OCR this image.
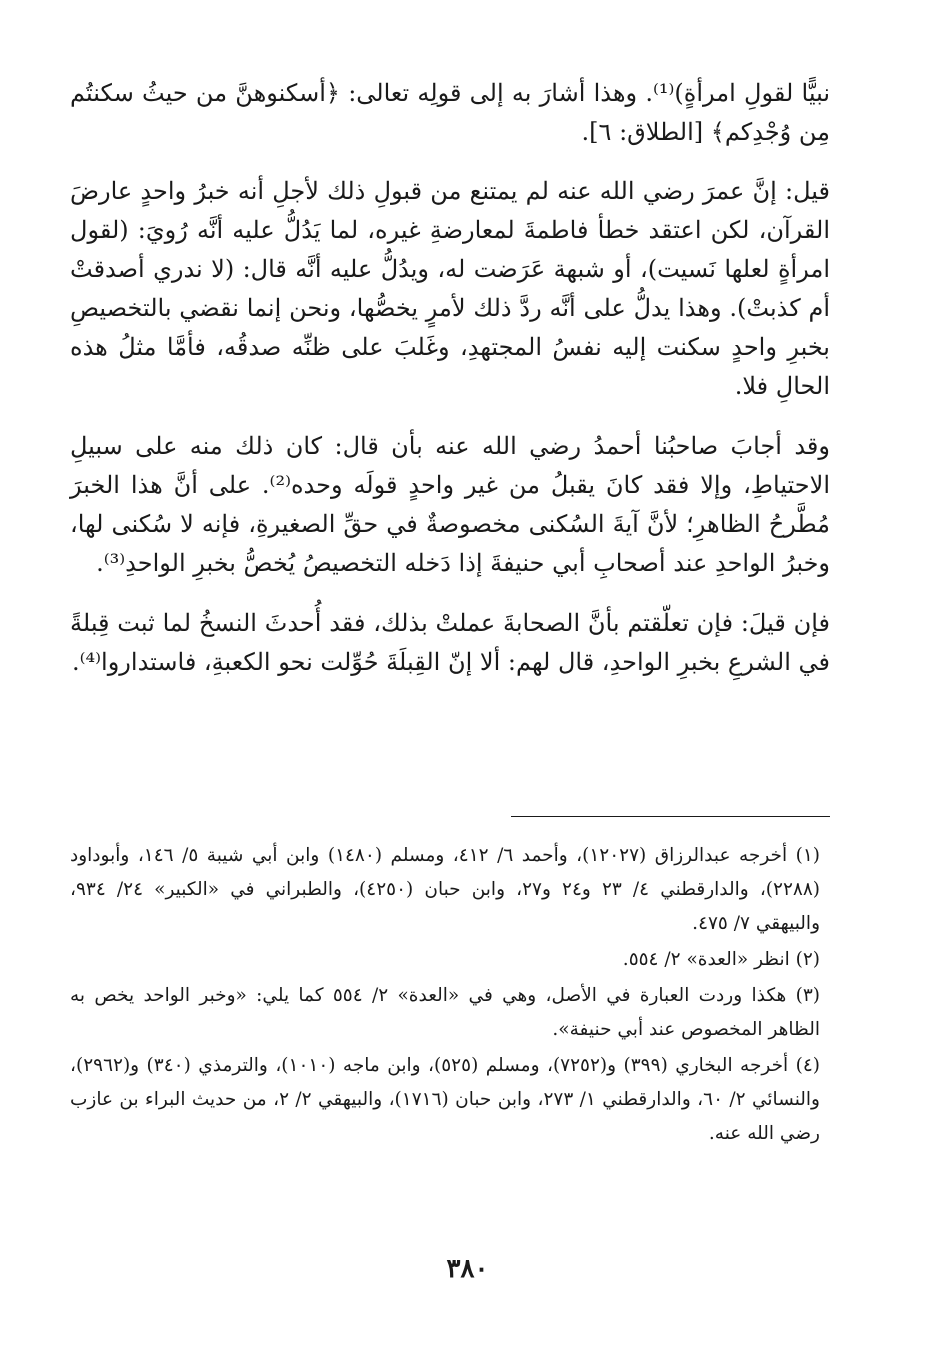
نبيًّا لقولِ امرأةٍ)⁽¹⁾. وهذا أشارَ به إلى قولِه تعالى: ﴿أسكنوهنَّ من حيثُ سكنتُم مِن وُجْدِكم﴾ [الطلاق: ٦].

قيل: إنَّ عمرَ رضي الله عنه لم يمتنع من قبولِ ذلك لأجلِ أنه خبرُ واحدٍ عارضَ القرآن، لكن اعتقد خطأ فاطمةَ لمعارضةِ غيره، لما يَدُلُّ عليه أنَّه رُويَ: (لقول امرأةٍ لعلها نَسيت)، أو شبهة عَرَضت له، ويدُلُّ عليه أنَّه قال: (لا ندري أصدقتْ أم كذبتْ). وهذا يدلُّ على أنَّه ردَّ ذلك لأمرٍ يخصُّها، ونحن إنما نقضي بالتخصيصِ بخبرِ واحدٍ سكنت إليه نفسُ المجتهدِ، وغَلبَ على ظنِّه صدقُه، فأمَّا مثلُ هذه الحالِ فلا.

وقد أجابَ صاحبُنا أحمدُ رضي الله عنه بأن قال: كان ذلك منه على سبيلِ الاحتياطِ، وإلا فقد كانَ يقبلُ من غير واحدٍ قولَه وحده⁽²⁾. على أنَّ هذا الخبرَ مُطَّرحُ الظاهرِ؛ لأنَّ آيةَ السُكنى مخصوصةٌ في حقِّ الصغيرةِ، فإنه لا سُكنى لها، وخبرُ الواحدِ عند أصحابِ أبي حنيفةَ إذا دَخله التخصيصُ يُخصُّ بخبرِ الواحدِ⁽³⁾.

فإن قيلَ: فإن تعلّقتم بأنَّ الصحابةَ عملتْ بذلك، فقد أُحدثَ النسخُ لما ثبت قِبلةً في الشرعِ بخبرِ الواحدِ، قال لهم: ألا إنّ القِبلَةَ حُوِّلت نحو الكعبةِ، فاستداروا⁽⁴⁾.

(١) أخرجه عبدالرزاق (١٢٠٢٧)، وأحمد ٦/ ٤١٢، ومسلم (١٤٨٠) وابن أبي شيبة ٥/ ١٤٦، وأبوداود (٢٢٨٨)، والدارقطني ٤/ ٢٣ و٢٤ و٢٧، وابن حبان (٤٢٥٠)، والطبراني في «الكبير» ٢٤/ ٩٣٤، والبيهقي ٧/ ٤٧٥.

(٢) انظر «العدة» ٢/ ٥٥٤.

(٣) هكذا وردت العبارة في الأصل، وهي في «العدة» ٢/ ٥٥٤ كما يلي: «وخبر الواحد يخص به الظاهر المخصوص عند أبي حنيفة».

(٤) أخرجه البخاري (٣٩٩) و(٧٢٥٢)، ومسلم (٥٢٥)، وابن ماجه (١٠١٠)، والترمذي (٣٤٠) و(٢٩٦٢)، والنسائي ٢/ ٦٠، والدارقطني ١/ ٢٧٣، وابن حبان (١٧١٦)، والبيهقي ٢/ ٢، من حديث البراء بن عازب رضي الله عنه.

٣٨٠
